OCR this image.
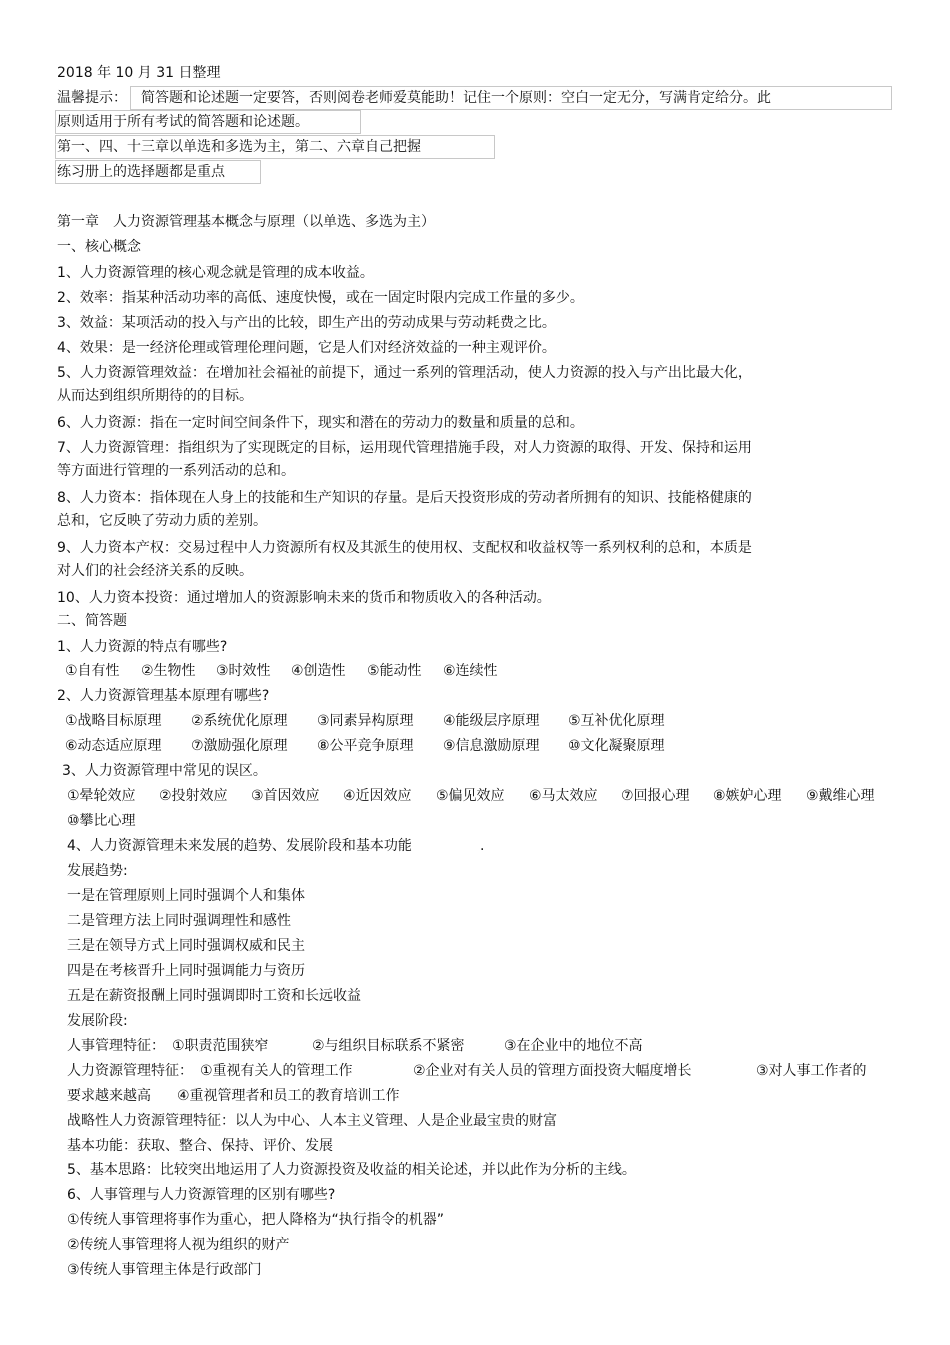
2018 年 10 月 31 日整理
温馨提示： 简答题和论述题一定要答，否则阅卷老师爱莫能助！记住一个原则：空白一定无分，写满肯定给分。此
原则适用于所有考试的简答题和论述题。
第一、四、十三章以单选和多选为主，第二、六章自己把握
练习册上的选择题都是重点
第一章　人力资源管理基本概念与原理（以单选、多选为主）
一、核心概念
1、人力资源管理的核心观念就是管理的成本收益。
2、效率：指某种活动功率的高低、速度快慢，或在一固定时限内完成工作量的多少。
3、效益：某项活动的投入与产出的比较，即生产出的劳动成果与劳动耗费之比。
4、效果：是一经济伦理或管理伦理问题，它是人们对经济效益的一种主观评价。
5、人力资源管理效益：在增加社会福祉的前提下，通过一系列的管理活动，使人力资源的投入与产出比最大化，
从而达到组织所期待的的目标。
6、人力资源：指在一定时间空间条件下，现实和潜在的劳动力的数量和质量的总和。
7、人力资源管理：指组织为了实现既定的目标，运用现代管理措施手段，对人力资源的取得、开发、保持和运用
等方面进行管理的一系列活动的总和。
8、人力资本：指体现在人身上的技能和生产知识的存量。是后天投资形成的劳动者所拥有的知识、技能格健康的
总和，它反映了劳动力质的差别。
9、人力资本产权：交易过程中人力资源所有权及其派生的使用权、支配权和收益权等一系列权利的总和，本质是
对人们的社会经济关系的反映。
10、人力资本投资：通过增加人的资源影响未来的货币和物质收入的各种活动。
二、简答题
1、人力资源的特点有哪些?
①自有性 ②生物性 ③时效性 ④创造性 ⑤能动性 ⑥连续性
2、人力资源管理基本原理有哪些?
①战略目标原理 ②系统优化原理 ③同素异构原理 ④能级层序原理 ⑤互补优化原理
⑥动态适应原理 ⑦激励强化原理 ⑧公平竞争原理 ⑨信息激励原理 ⑩文化凝聚原理
3、人力资源管理中常见的误区。
①晕轮效应 ②投射效应 ③首因效应 ④近因效应 ⑤偏见效应 ⑥马太效应 ⑦回报心理 ⑧嫉妒心理 ⑨戴维心理
⑩攀比心理
4、人力资源管理未来发展的趋势、发展阶段和基本功能	.
发展趋势:
一是在管理原则上同时强调个人和集体
二是管理方法上同时强调理性和感性
三是在领导方式上同时强调权威和民主
四是在考核晋升上同时强调能力与资历
五是在薪资报酬上同时强调即时工资和长远收益
发展阶段:
人事管理特征： ①职责范围狭窄	②与组织目标联系不紧密	③在企业中的地位不高
人力资源管理特征： ①重视有关人的管理工作	②企业对有关人员的管理方面投资大幅度增长	③对人事工作者的
要求越来越高 ④重视管理者和员工的教育培训工作
战略性人力资源管理特征：以人为中心、人本主义管理、人是企业最宝贵的财富
基本功能：获取、整合、保持、评价、发展
5、基本思路：比较突出地运用了人力资源投资及收益的相关论述，并以此作为分析的主线。
6、人事管理与人力资源管理的区别有哪些?
①传统人事管理将事作为重心，把人降格为“执行指令的机器”
②传统人事管理将人视为组织的财产
③传统人事管理主体是行政部门
